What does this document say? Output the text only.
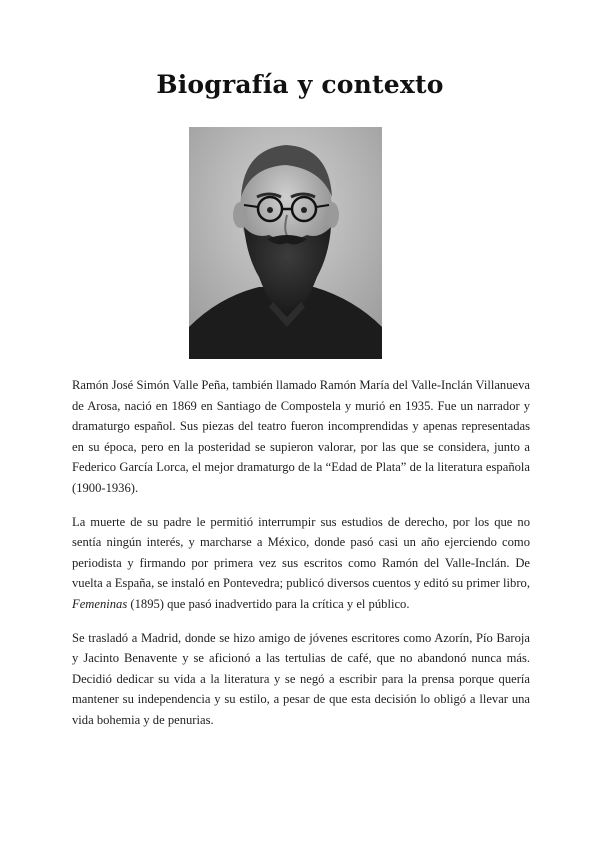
Biografía y contexto

Ramón José Simón Valle Peña, también llamado Ramón María del Valle-Inclán Villanueva de Arosa, nació en 1869 en Santiago de Compostela y murió en 1935. Fue un narrador y dramaturgo español. Sus piezas del teatro fueron incomprendidas y apenas representadas en su época, pero en la posteridad se supieron valorar, por las que se considera, junto a Federico García Lorca, el mejor dramaturgo de la “Edad de Plata” de la literatura española (1900-1936).

La muerte de su padre le permitió interrumpir sus estudios de derecho, por los que no sentía ningún interés, y marcharse a México, donde pasó casi un año ejerciendo como periodista y firmando por primera vez sus escritos como Ramón del Valle-Inclán. De vuelta a España, se instaló en Pontevedra; publicó diversos cuentos y editó su primer libro, Femeninas (1895) que pasó inadvertido para la crítica y el público.

Se trasladó a Madrid, donde se hizo amigo de jóvenes escritores como Azorín, Pío Baroja y Jacinto Benavente y se aficionó a las tertulias de café, que no abandonó nunca más. Decidió dedicar su vida a la literatura y se negó a escribir para la prensa porque quería mantener su independencia y su estilo, a pesar de que esta decisión lo obligó a llevar una vida bohemia y de penurias.
